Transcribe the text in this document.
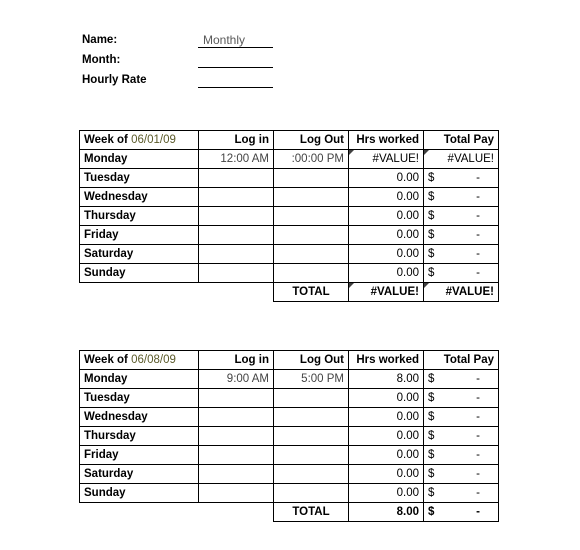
Name:	Monthly
Month:
Hourly Rate
Week of 06/01/09	Log in	Log Out	Hrs worked	Total Pay
Monday	12:00 AM	:00:00 PM	#VALUE!	#VALUE!
Tuesday			0.00	$ -

Wednesday			0.00	$ -

Thursday			0.00	$ -

Friday			0.00	$ -

Saturday			0.00	$ -

Sunday			0.00	$ -

		TOTAL	#VALUE!	#VALUE!
Week of 06/08/09	Log in	Log Out	Hrs worked	Total Pay
Monday	9:00 AM	5:00 PM	8.00	$ -

Tuesday			0.00	$ -

Wednesday			0.00	$ -

Thursday			0.00	$ -

Friday			0.00	$ -

Saturday			0.00	$ -

Sunday			0.00	$ -

		TOTAL	8.00	$ -
